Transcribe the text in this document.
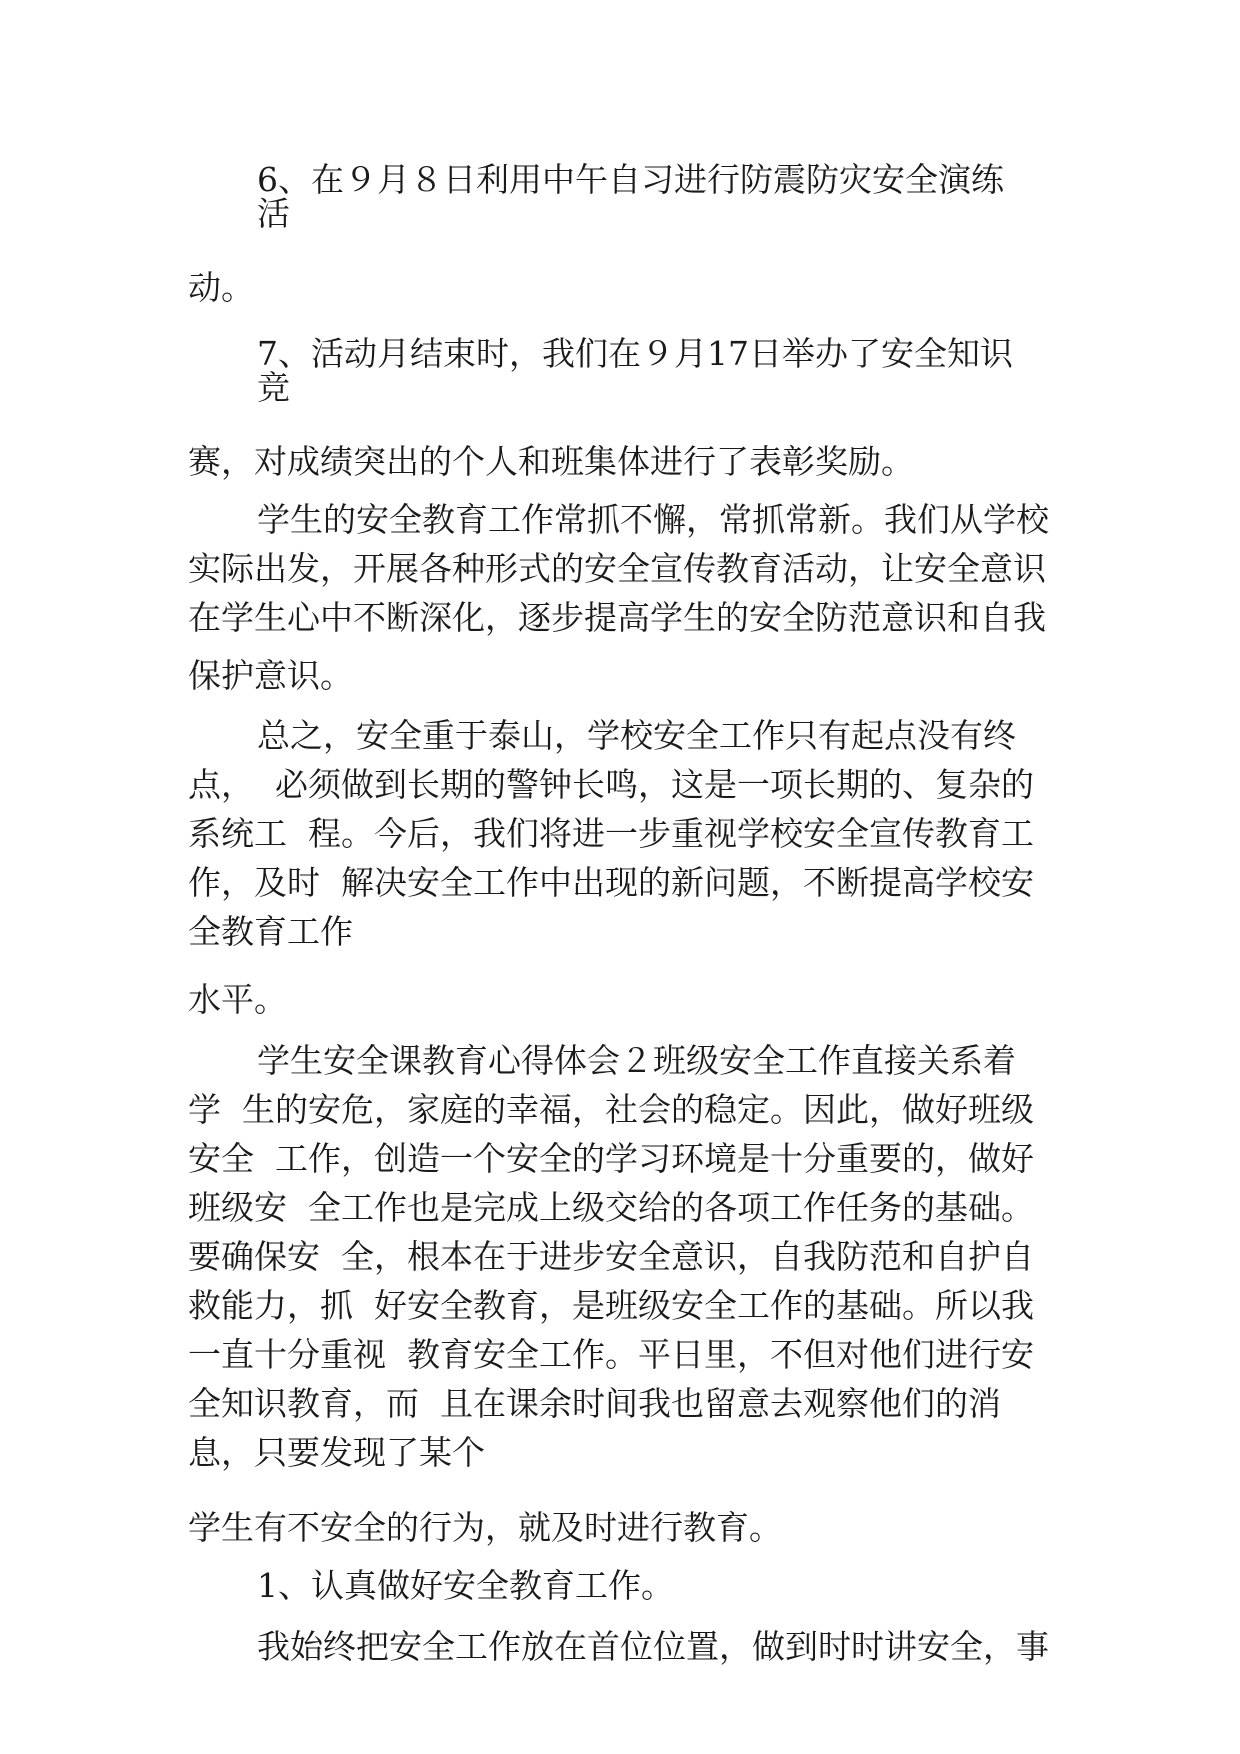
6、在９月８日利用中午自习进行防震防灾安全演练

活

动。

7、活动月结束时，我们在９月17日举办了安全知识

竞

赛，对成绩突出的个人和班集体进行了表彰奖励。

学生的安全教育工作常抓不懈，常抓常新。我们从学校

实际出发，开展各种形式的安全宣传教育活动，让安全意识

在学生心中不断深化，逐步提高学生的安全防范意识和自我

保护意识。

总之，安全重于泰山，学校安全工作只有起点没有终

点，  必须做到长期的警钟长鸣，这是一项长期的、复杂的

系统工  程。今后，我们将进一步重视学校安全宣传教育工

作，及时  解决安全工作中出现的新问题，不断提高学校安

全教育工作

水平。

学生安全课教育心得体会２班级安全工作直接关系着

学  生的安危，家庭的幸福，社会的稳定。因此，做好班级

安全  工作，创造一个安全的学习环境是十分重要的，做好

班级安  全工作也是完成上级交给的各项工作任务的基础。

要确保安  全，根本在于进步安全意识，自我防范和自护自

救能力，抓  好安全教育，是班级安全工作的基础。所以我

一直十分重视  教育安全工作。平日里，不但对他们进行安

全知识教育，而  且在课余时间我也留意去观察他们的消

息，只要发现了某个

学生有不安全的行为，就及时进行教育。

1、认真做好安全教育工作。

我始终把安全工作放在首位位置，做到时时讲安全，事
